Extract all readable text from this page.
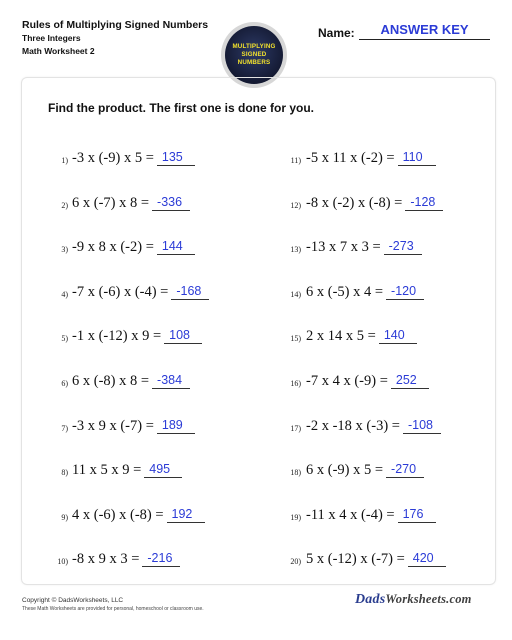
Rules of Multiplying Signed Numbers
Three Integers
Math Worksheet 2	MULTIPLYING
SIGNED
NUMBERS
Name:	ANSWER KEY
Find the product. The first one is done for you.
1) -3 x (-9) x 5 = 135
2) 6 x (-7) x 8 = -336
3) -9 x 8 x (-2) = 144
4) -7 x (-6) x (-4) = -168
5) -1 x (-12) x 9 = 108
6) 6 x (-8) x 8 = -384
7) -3 x 9 x (-7) = 189
8) 11 x 5 x 9 = 495
9) 4 x (-6) x (-8) = 192
10) -8 x 9 x 3 = -216
11) -5 x 11 x (-2) = 110
12) -8 x (-2) x (-8) = -128
13) -13 x 7 x 3 = -273
14) 6 x (-5) x 4 = -120
15) 2 x 14 x 5 = 140
16) -7 x 4 x (-9) = 252
17) -2 x -18 x (-3) = -108
18) 6 x (-9) x 5 = -270
19) -11 x 4 x (-4) = 176
20) 5 x (-12) x (-7) = 420
Copyright © DadsWorksheets, LLC
These Math Worksheets are provided for personal, homeschool or classroom use.
DadsWorksheets.com
